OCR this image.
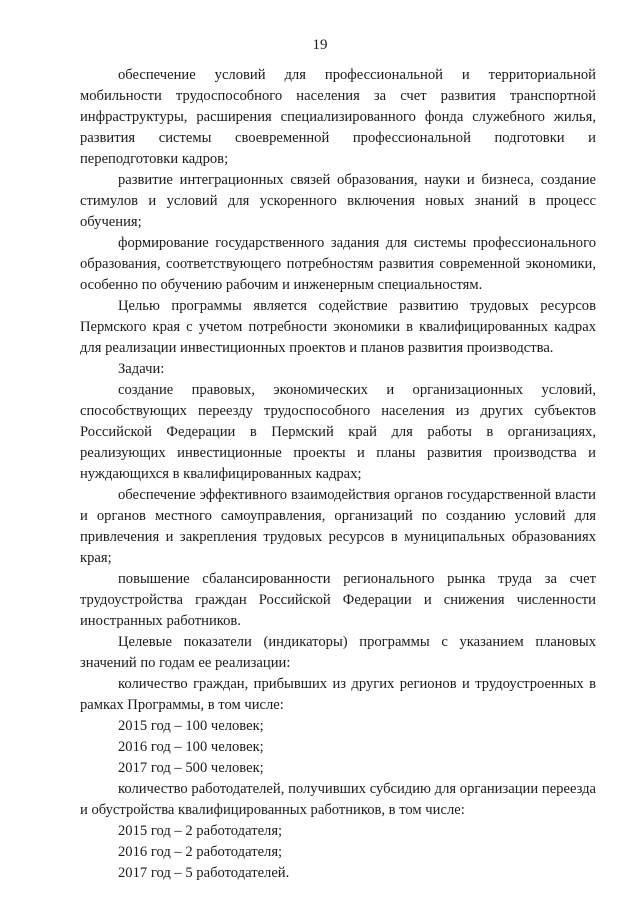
19

обеспечение условий для профессиональной и территориальной мобильности трудоспособного населения за счет развития транспортной инфраструктуры, расширения специализированного фонда служебного жилья, развития системы своевременной профессиональной подготовки и переподготовки кадров;

развитие интеграционных связей образования, науки и бизнеса, создание стимулов и условий для ускоренного включения новых знаний в процесс обучения;

формирование государственного задания для системы профессионального образования, соответствующего потребностям развития современной экономики, особенно по обучению рабочим и инженерным специальностям.

Целью программы является содействие развитию трудовых ресурсов Пермского края с учетом потребности экономики в квалифицированных кадрах для реализации инвестиционных проектов и планов развития производства.

Задачи:

создание правовых, экономических и организационных условий, способствующих переезду трудоспособного населения из других субъектов Российской Федерации в Пермский край для работы в организациях, реализующих инвестиционные проекты и планы развития производства и нуждающихся в квалифицированных кадрах;

обеспечение эффективного взаимодействия органов государственной власти и органов местного самоуправления, организаций по созданию условий для привлечения и закрепления трудовых ресурсов в муниципальных образованиях края;

повышение сбалансированности регионального рынка труда за счет трудоустройства граждан Российской Федерации и снижения численности иностранных работников.

Целевые показатели (индикаторы) программы с указанием плановых значений по годам ее реализации:

количество граждан, прибывших из других регионов и трудоустроенных в рамках Программы, в том числе:

2015 год – 100 человек;

2016 год – 100 человек;

2017 год – 500 человек;

количество работодателей, получивших субсидию для организации переезда и обустройства квалифицированных работников, в том числе:

2015 год – 2 работодателя;

2016 год – 2 работодателя;

2017 год – 5 работодателей.
